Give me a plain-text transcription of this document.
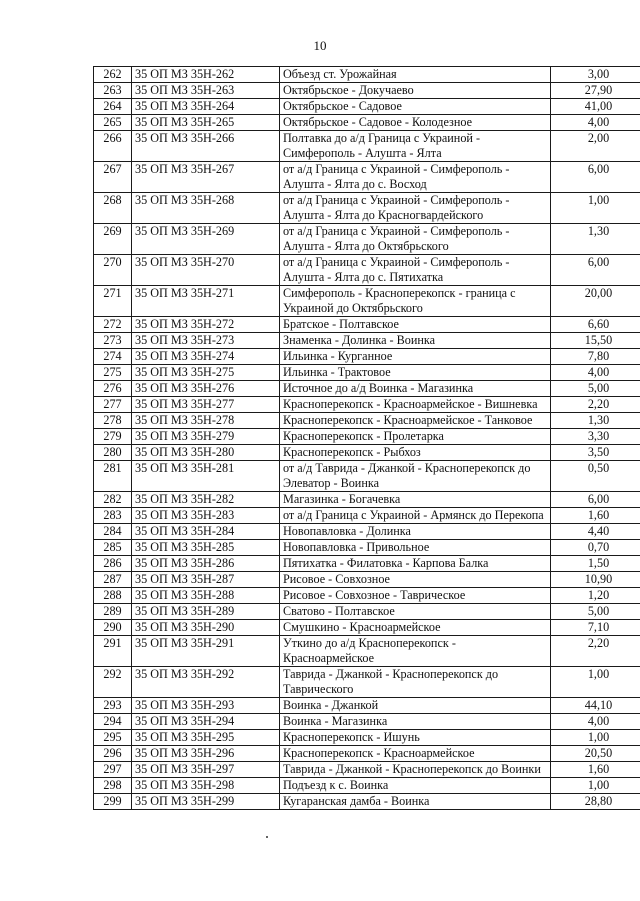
10
262	35 ОП МЗ 35Н-262	Объезд ст. Урожайная	3,00
263	35 ОП МЗ 35Н-263	Октябрьское - Докучаево	27,90
264	35 ОП МЗ 35Н-264	Октябрьское - Садовое	41,00
265	35 ОП МЗ 35Н-265	Октябрьское - Садовое - Колодезное	4,00
266	35 ОП МЗ 35Н-266	Полтавка до а/д Граница с Украиной - Симферополь - Алушта - Ялта	2,00
267	35 ОП МЗ 35Н-267	от а/д Граница с Украиной - Симферополь - Алушта - Ялта до с. Восход	6,00
268	35 ОП МЗ 35Н-268	от а/д Граница с Украиной - Симферополь - Алушта - Ялта до Красногвардейского	1,00
269	35 ОП МЗ 35Н-269	от а/д Граница с Украиной - Симферополь - Алушта - Ялта до Октябрьского	1,30
270	35 ОП МЗ 35Н-270	от а/д Граница с Украиной - Симферополь - Алушта - Ялта до с. Пятихатка	6,00
271	35 ОП МЗ 35Н-271	Симферополь - Красноперекопск - граница с Украиной до Октябрьского	20,00
272	35 ОП МЗ 35Н-272	Братское - Полтавское	6,60
273	35 ОП МЗ 35Н-273	Знаменка - Долинка - Воинка	15,50
274	35 ОП МЗ 35Н-274	Ильинка - Курганное	7,80
275	35 ОП МЗ 35Н-275	Ильинка - Трактовое	4,00
276	35 ОП МЗ 35Н-276	Источное до а/д Воинка - Магазинка	5,00
277	35 ОП МЗ 35Н-277	Красноперекопск - Красноармейское - Вишневка	2,20
278	35 ОП МЗ 35Н-278	Красноперекопск - Красноармейское - Танковое	1,30
279	35 ОП МЗ 35Н-279	Красноперекопск - Пролетарка	3,30
280	35 ОП МЗ 35Н-280	Красноперекопск - Рыбхоз	3,50
281	35 ОП МЗ 35Н-281	от а/д Таврида - Джанкой - Красноперекопск до Элеватор - Воинка	0,50
282	35 ОП МЗ 35Н-282	Магазинка - Богачевка	6,00
283	35 ОП МЗ 35Н-283	от а/д Граница с Украиной - Армянск до Перекопа	1,60
284	35 ОП МЗ 35Н-284	Новопавловка - Долинка	4,40
285	35 ОП МЗ 35Н-285	Новопавловка - Привольное	0,70
286	35 ОП МЗ 35Н-286	Пятихатка - Филатовка - Карпова Балка	1,50
287	35 ОП МЗ 35Н-287	Рисовое - Совхозное	10,90
288	35 ОП МЗ 35Н-288	Рисовое - Совхозное - Таврическое	1,20
289	35 ОП МЗ 35Н-289	Сватово - Полтавское	5,00
290	35 ОП МЗ 35Н-290	Смушкино - Красноармейское	7,10
291	35 ОП МЗ 35Н-291	Уткино до а/д Красноперекопск - Красноармейское	2,20
292	35 ОП МЗ 35Н-292	Таврида - Джанкой - Красноперекопск до Таврического	1,00
293	35 ОП МЗ 35Н-293	Воинка - Джанкой	44,10
294	35 ОП МЗ 35Н-294	Воинка - Магазинка	4,00
295	35 ОП МЗ 35Н-295	Красноперекопск - Ишунь	1,00
296	35 ОП МЗ 35Н-296	Красноперекопск - Красноармейское	20,50
297	35 ОП МЗ 35Н-297	Таврида - Джанкой - Красноперекопск до Воинки	1,60
298	35 ОП МЗ 35Н-298	Подъезд к с. Воинка	1,00
299	35 ОП МЗ 35Н-299	Кугаранская дамба - Воинка	28,80
